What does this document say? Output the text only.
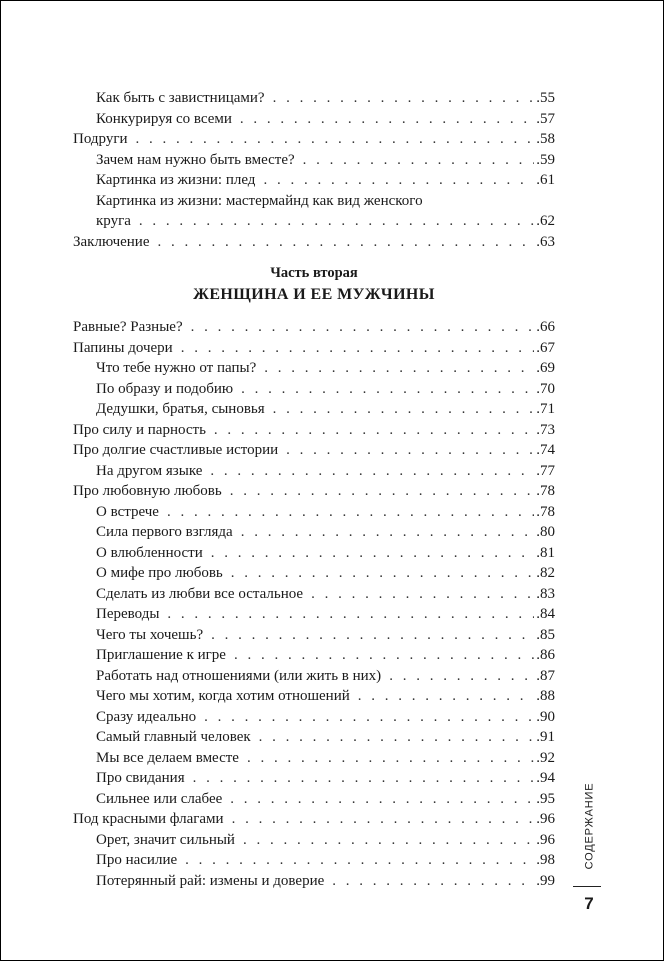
Как быть с завистницами? . . .	.55
Конкурируя со всеми . . .	.57
Подруги . . .	.58
Зачем нам нужно быть вместе? . . .	.59
Картинка из жизни: плед . . .	.61
Картинка из жизни: мастермайнд как вид женского
круга . . .	.62
Заключение . . .	.63
Часть вторая
ЖЕНЩИНА И ЕЕ МУЖЧИНЫ
Равные? Разные? . . .	.66
Папины дочери . . .	.67
Что тебе нужно от папы? . . .	.69
По образу и подобию . . .	.70
Дедушки, братья, сыновья . . .	.71
Про силу и парность . . .	.73
Про долгие счастливые истории . . .	.74
На другом языке . . .	.77
Про любовную любовь . . .	.78
О встрече . . .	.78
Сила первого взгляда . . .	.80
О влюбленности . . .	.81
О мифе про любовь . . .	.82
Сделать из любви все остальное . . .	.83
Переводы . . .	.84
Чего ты хочешь? . . .	.85
Приглашение к игре . . .	.86
Работать над отношениями (или жить в них) . . .	.87
Чего мы хотим, когда хотим отношений . . .	.88
Сразу идеально . . .	.90
Самый главный человек . . .	.91
Мы все делаем вместе . . .	.92
Про свидания . . .	.94
Сильнее или слабее . . .	.95
Под красными флагами . . .	.96
Орет, значит сильный . . .	.96
Про насилие . . .	.98
Потерянный рай: измены и доверие . . .	.99
СОДЕРЖАНИЕ
7
